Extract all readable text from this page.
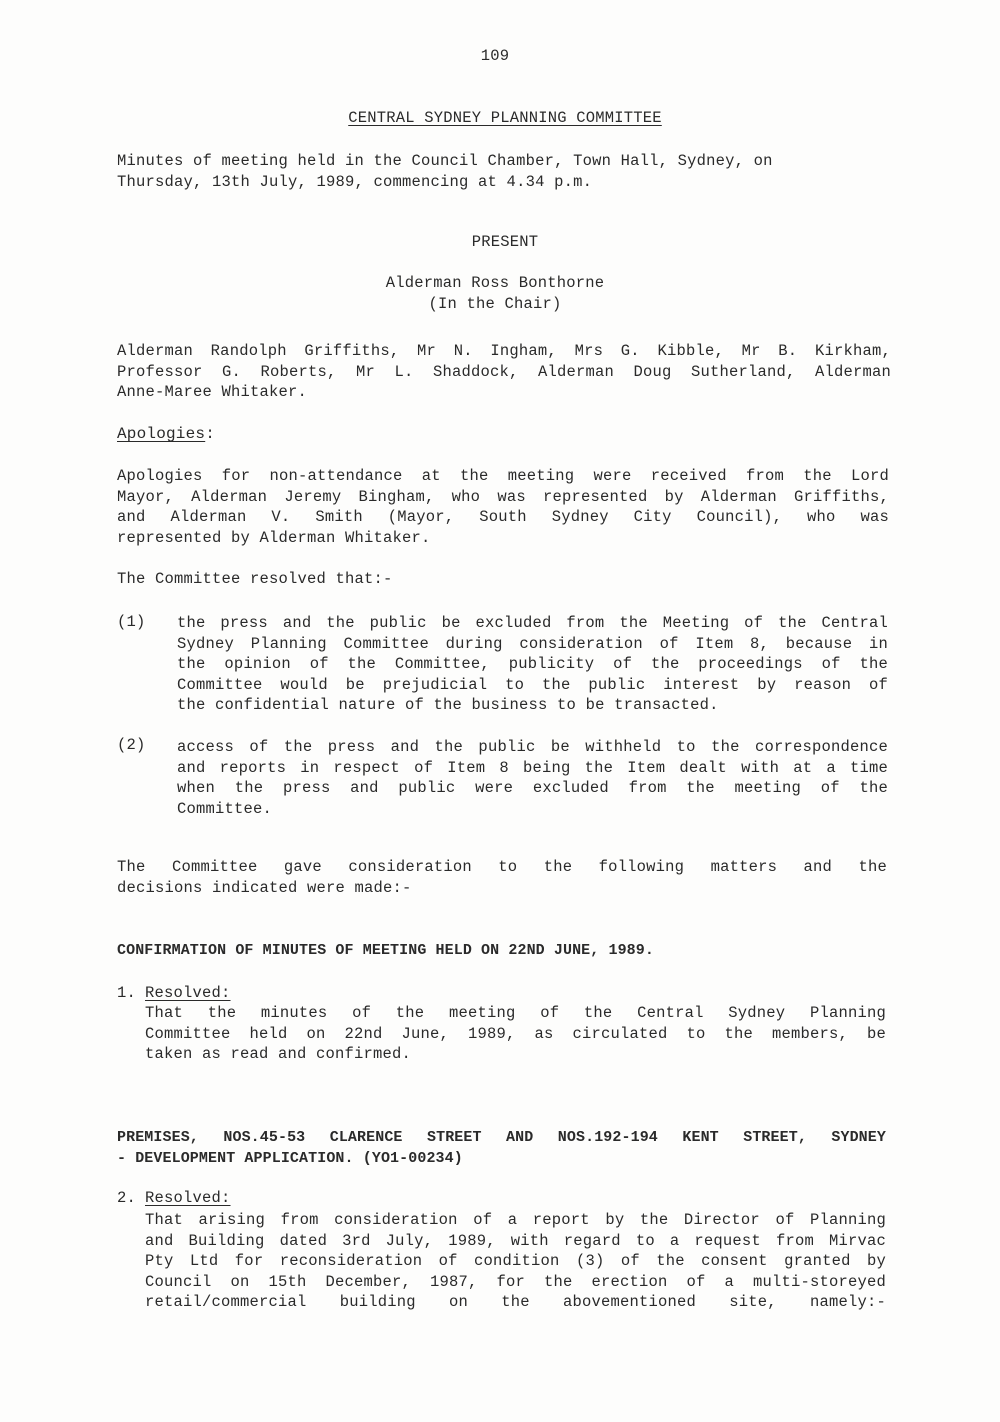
109
CENTRAL SYDNEY PLANNING COMMITTEE
Minutes of meeting held in the Council Chamber, Town Hall, Sydney, on
Thursday, 13th July, 1989, commencing at 4.34 p.m.
PRESENT
Alderman Ross Bonthorne
(In the Chair)
Alderman Randolph Griffiths, Mr N. Ingham, Mrs G. Kibble, Mr B. Kirkham,
Professor G. Roberts, Mr L. Shaddock, Alderman Doug Sutherland, Alderman
Anne-Maree Whitaker.
Apologies:
Apologies for non-attendance at the meeting were received from the Lord
Mayor, Alderman Jeremy Bingham, who was represented by Alderman Griffiths,
and Alderman V. Smith (Mayor, South Sydney City Council), who was
represented by Alderman Whitaker.
The Committee resolved that:-
(1) the press and the public be excluded from the Meeting of the Central
Sydney Planning Committee during consideration of Item 8, because in
the opinion of the Committee, publicity of the proceedings of the
Committee would be prejudicial to the public interest by reason of
the confidential nature of the business to be transacted.
(2) access of the press and the public be withheld to the correspondence
and reports in respect of Item 8 being the Item dealt with at a time
when the press and public were excluded from the meeting of the
Committee.
The Committee gave consideration to the following matters and the
decisions indicated were made:-
CONFIRMATION OF MINUTES OF MEETING HELD ON 22ND JUNE, 1989.
1. Resolved:
That the minutes of the meeting of the Central Sydney Planning
Committee held on 22nd June, 1989, as circulated to the members, be
taken as read and confirmed.
PREMISES, NOS.45-53 CLARENCE STREET AND NOS.192-194 KENT STREET, SYDNEY
- DEVELOPMENT APPLICATION. (YO1-00234)
2. Resolved:
That arising from consideration of a report by the Director of Planning
and Building dated 3rd July, 1989, with regard to a request from Mirvac
Pty Ltd for reconsideration of condition (3) of the consent granted by
Council on 15th December, 1987, for the erection of a multi-storeyed
retail/commercial building on the abovementioned site, namely:-
